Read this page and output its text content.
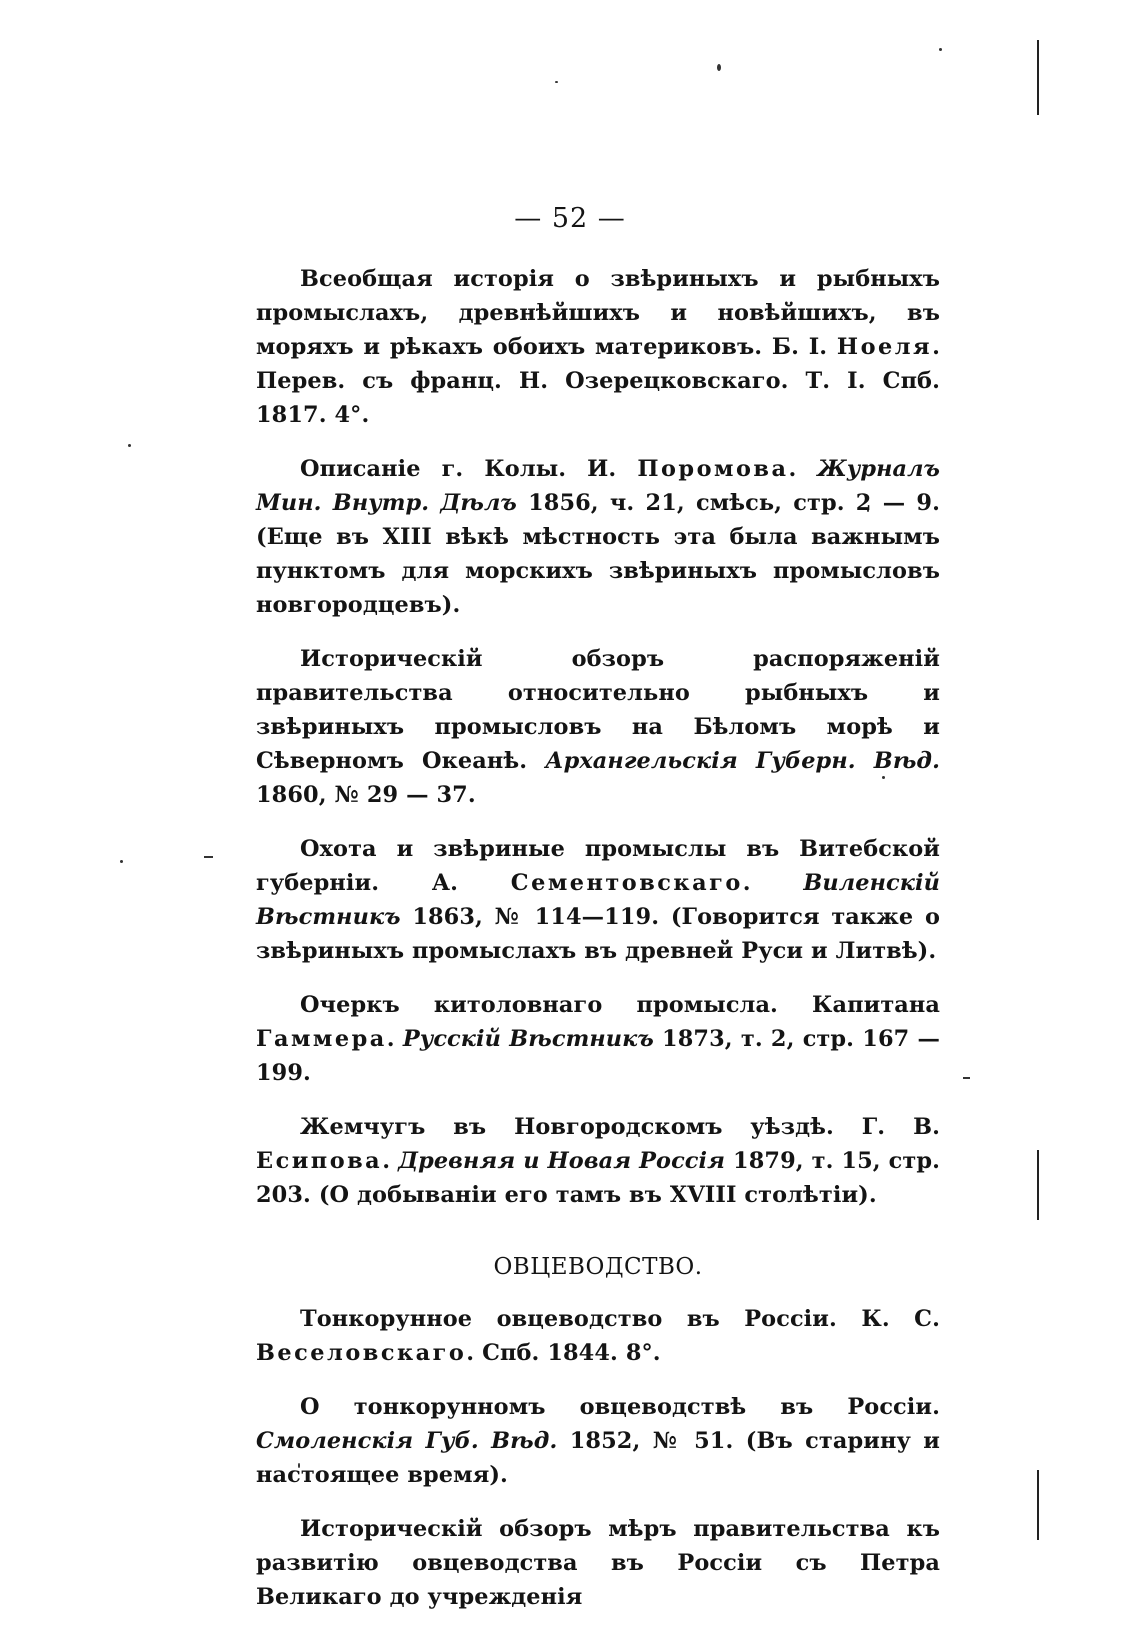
— 52 —

Всеобщая исторія о звѣриныхъ и рыбныхъ промыслахъ, древнѣйшихъ и новѣйшихъ, въ моряхъ и рѣкахъ обоихъ материковъ. Б. І. Ноеля. Перев. съ франц. Н. Озерецковскаго. Т. І. Спб. 1817. 4°.

Описаніе г. Колы. И. Поромова. Журналъ Мин. Внутр. Дѣлъ 1856, ч. 21, смѣсь, стр. 2 — 9. (Еще въ XIII вѣкѣ мѣстность эта была важнымъ пунктомъ для морскихъ звѣриныхъ промысловъ новгородцевъ).

Историческій обзоръ распоряженій правительства относительно рыбныхъ и звѣриныхъ промысловъ на Бѣломъ морѣ и Сѣверномъ Океанѣ. Архангельскія Губерн. Вѣд. 1860, № 29 — 37.

Охота и звѣриные промыслы въ Витебской губерніи. А. Сементовскаго. Виленскій Вѣстникъ 1863, № 114—119. (Говорится также о звѣриныхъ промыслахъ въ древней Руси и Литвѣ).

Очеркъ китоловнаго промысла. Капитана Гаммера. Русскій Вѣстникъ 1873, т. 2, стр. 167 — 199.

Жемчугъ въ Новгородскомъ уѣздѣ. Г. В. Есипова. Древняя и Новая Россія 1879, т. 15, стр. 203. (О добываніи его тамъ въ XVIII столѣтіи).

ОВЦЕВОДСТВО.

Тонкорунное овцеводство въ Россіи. К. С. Веселовскаго. Спб. 1844. 8°.

О тонкорунномъ овцеводствѣ въ Россіи. Смоленскія Губ. Вѣд. 1852, № 51. (Въ старину и настоящее время).

Историческій обзоръ мѣръ правительства къ развитію овцеводства въ Россіи съ Петра Великаго до учрежденія
